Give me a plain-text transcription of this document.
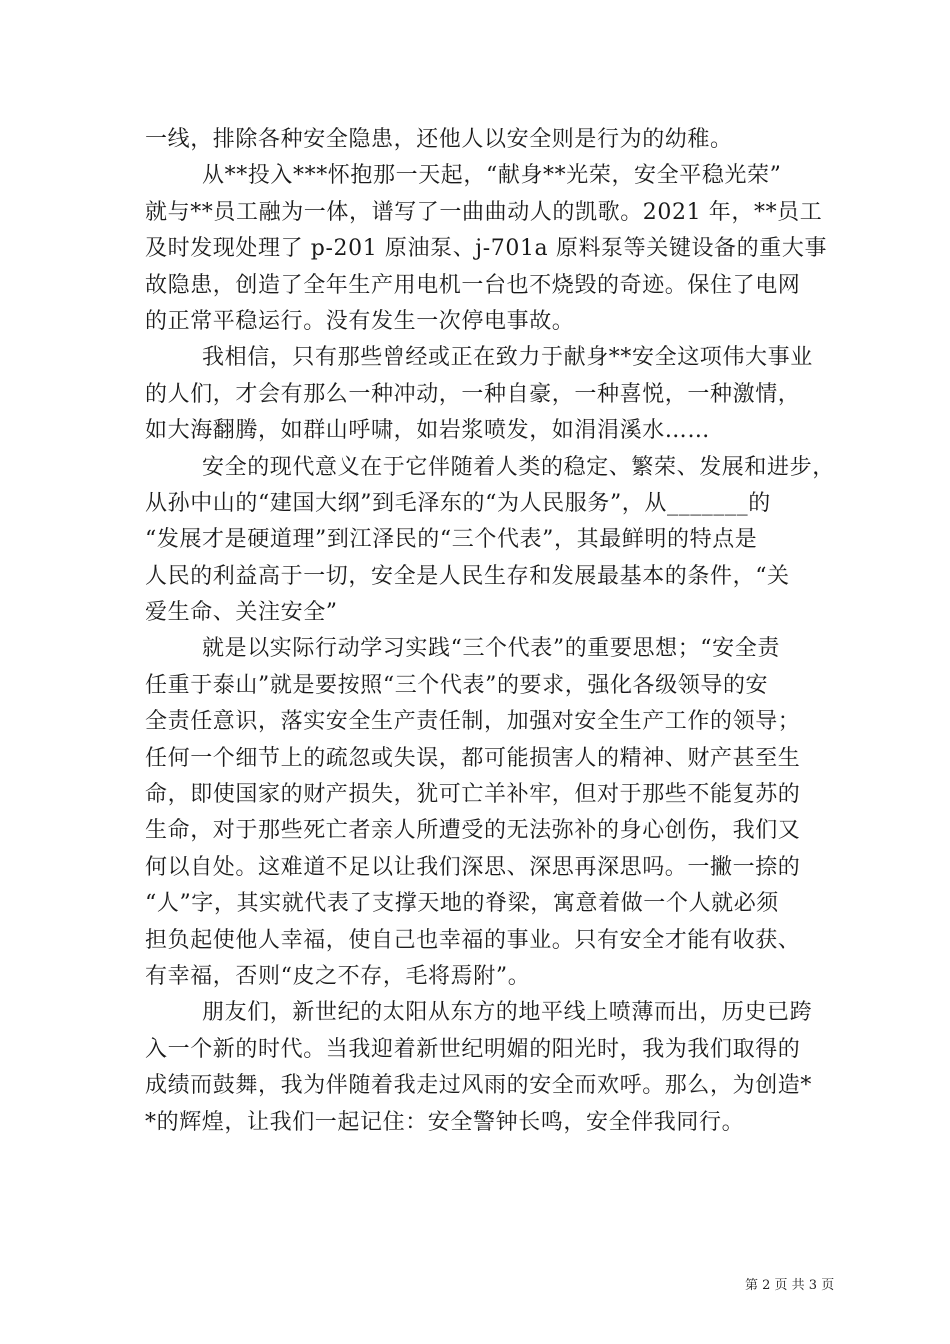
一线，排除各种安全隐患，还他人以安全则是行为的幼稚。
从**投入***怀抱那一天起，“献身**光荣，安全平稳光荣”
就与**员工融为一体，谱写了一曲曲动人的凯歌。2021 年，**员工
及时发现处理了 p-201 原油泵、j-701a 原料泵等关键设备的重大事
故隐患，创造了全年生产用电机一台也不烧毁的奇迹。保住了电网
的正常平稳运行。没有发生一次停电事故。
我相信，只有那些曾经或正在致力于献身**安全这项伟大事业
的人们，才会有那么一种冲动，一种自豪，一种喜悦，一种激情，
如大海翻腾，如群山呼啸，如岩浆喷发，如涓涓溪水……
安全的现代意义在于它伴随着人类的稳定、繁荣、发展和进步，
从孙中山的“建国大纲”到毛泽东的“为人民服务”，从_______的
“发展才是硬道理”到江泽民的“三个代表”，其最鲜明的特点是
人民的利益高于一切，安全是人民生存和发展最基本的条件，“关
爱生命、关注安全”
就是以实际行动学习实践“三个代表”的重要思想；“安全责
任重于泰山”就是要按照“三个代表”的要求，强化各级领导的安
全责任意识，落实安全生产责任制，加强对安全生产工作的领导；
任何一个细节上的疏忽或失误，都可能损害人的精神、财产甚至生
命，即使国家的财产损失，犹可亡羊补牢，但对于那些不能复苏的
生命，对于那些死亡者亲人所遭受的无法弥补的身心创伤，我们又
何以自处。这难道不足以让我们深思、深思再深思吗。一撇一捺的
“人”字，其实就代表了支撑天地的脊梁，寓意着做一个人就必须
担负起使他人幸福，使自己也幸福的事业。只有安全才能有收获、
有幸福，否则“皮之不存，毛将焉附”。
朋友们，新世纪的太阳从东方的地平线上喷薄而出，历史已跨
入一个新的时代。当我迎着新世纪明媚的阳光时，我为我们取得的
成绩而鼓舞，我为伴随着我走过风雨的安全而欢呼。那么，为创造*
*的辉煌，让我们一起记住：安全警钟长鸣，安全伴我同行。
第 2 页 共 3 页
